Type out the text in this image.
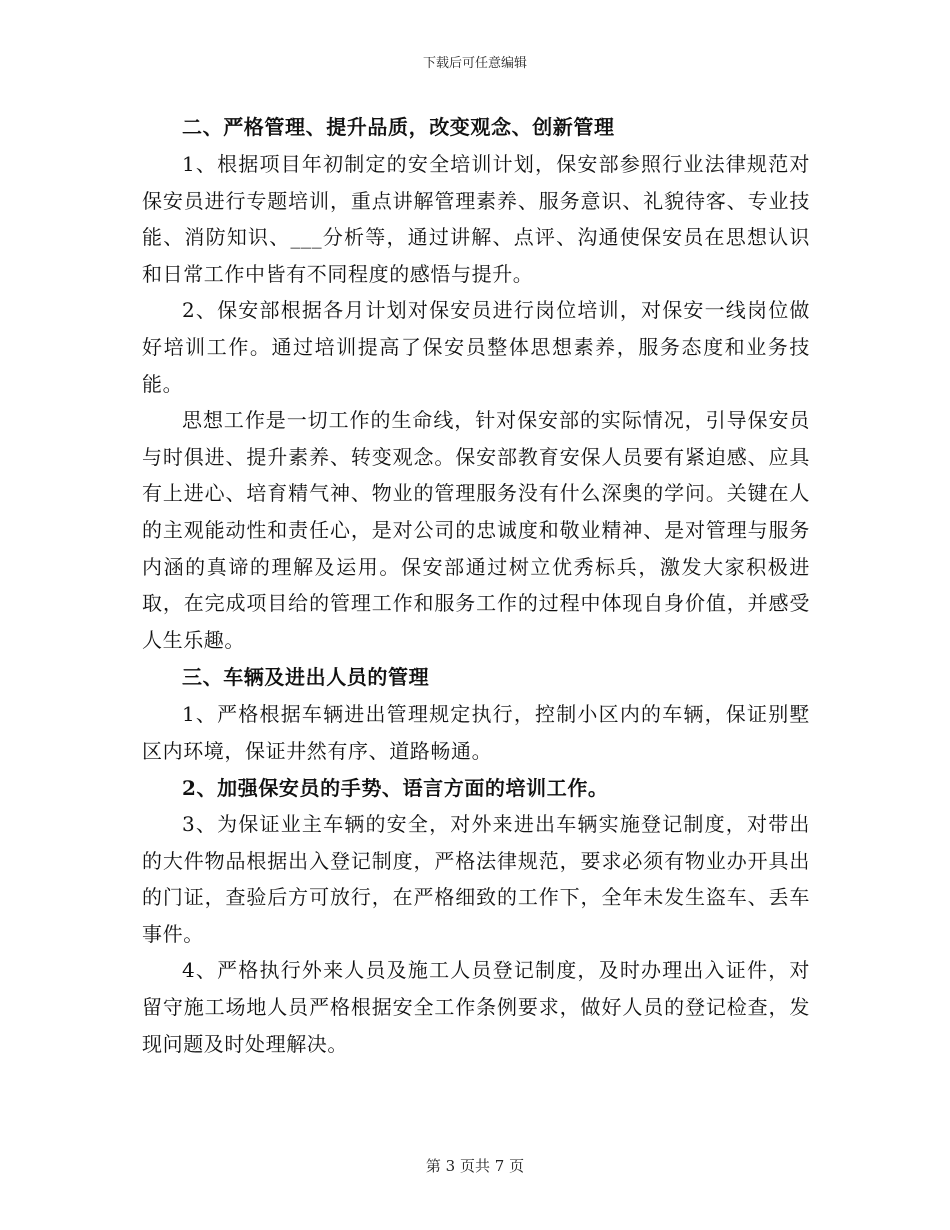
下载后可任意编辑

二、严格管理、提升品质，改变观念、创新管理

1、根据项目年初制定的安全培训计划，保安部参照行业法律规范对保安员进行专题培训，重点讲解管理素养、服务意识、礼貌待客、专业技能、消防知识、___分析等，通过讲解、点评、沟通使保安员在思想认识和日常工作中皆有不同程度的感悟与提升。

2、保安部根据各月计划对保安员进行岗位培训，对保安一线岗位做好培训工作。通过培训提高了保安员整体思想素养，服务态度和业务技能。

思想工作是一切工作的生命线，针对保安部的实际情况，引导保安员与时俱进、提升素养、转变观念。保安部教育安保人员要有紧迫感、应具有上进心、培育精气神、物业的管理服务没有什么深奥的学问。关键在人的主观能动性和责任心，是对公司的忠诚度和敬业精神、是对管理与服务内涵的真谛的理解及运用。保安部通过树立优秀标兵，激发大家积极进取，在完成项目给的管理工作和服务工作的过程中体现自身价值，并感受人生乐趣。

三、车辆及进出人员的管理

1、严格根据车辆进出管理规定执行，控制小区内的车辆，保证别墅区内环境，保证井然有序、道路畅通。

2、加强保安员的手势、语言方面的培训工作。

3、为保证业主车辆的安全，对外来进出车辆实施登记制度，对带出的大件物品根据出入登记制度，严格法律规范，要求必须有物业办开具出的门证，查验后方可放行，在严格细致的工作下，全年未发生盗车、丢车事件。

4、严格执行外来人员及施工人员登记制度，及时办理出入证件，对留守施工场地人员严格根据安全工作条例要求，做好人员的登记检查，发现问题及时处理解决。

第 3 页共 7 页
